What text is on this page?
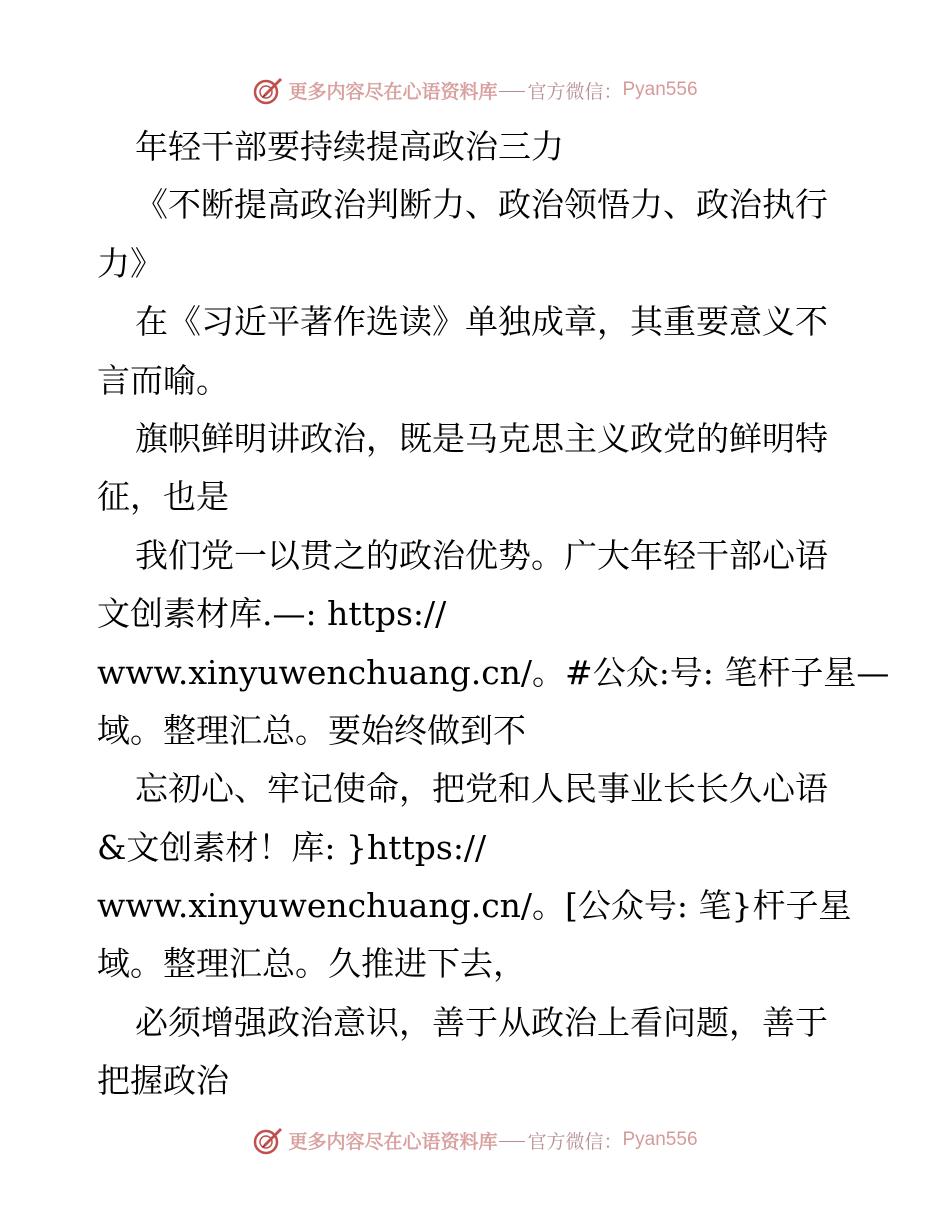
更多内容尽在心语资料库 官方微信： Pyan556
年轻干部要持续提高政治三力
《不断提高政治判断力、政治领悟力、政治执行
力》
在《习近平著作选读》单独成章，其重要意义不
言而喻。
旗帜鲜明讲政治，既是马克思主义政党的鲜明特
征，也是
我们党一以贯之的政治优势。广大年轻干部心语
文创素材库.—: https://
www.xinyuwenchuang.cn/。#公众:号: 笔杆子星—
域。整理汇总。要始终做到不
忘初心、牢记使命，把党和人民事业长长久心语
&文创素材！库: }https://
www.xinyuwenchuang.cn/。[公众号: 笔}杆子星
域。整理汇总。久推进下去，
必须增强政治意识，善于从政治上看问题，善于
把握政治
更多内容尽在心语资料库 官方微信： Pyan556
